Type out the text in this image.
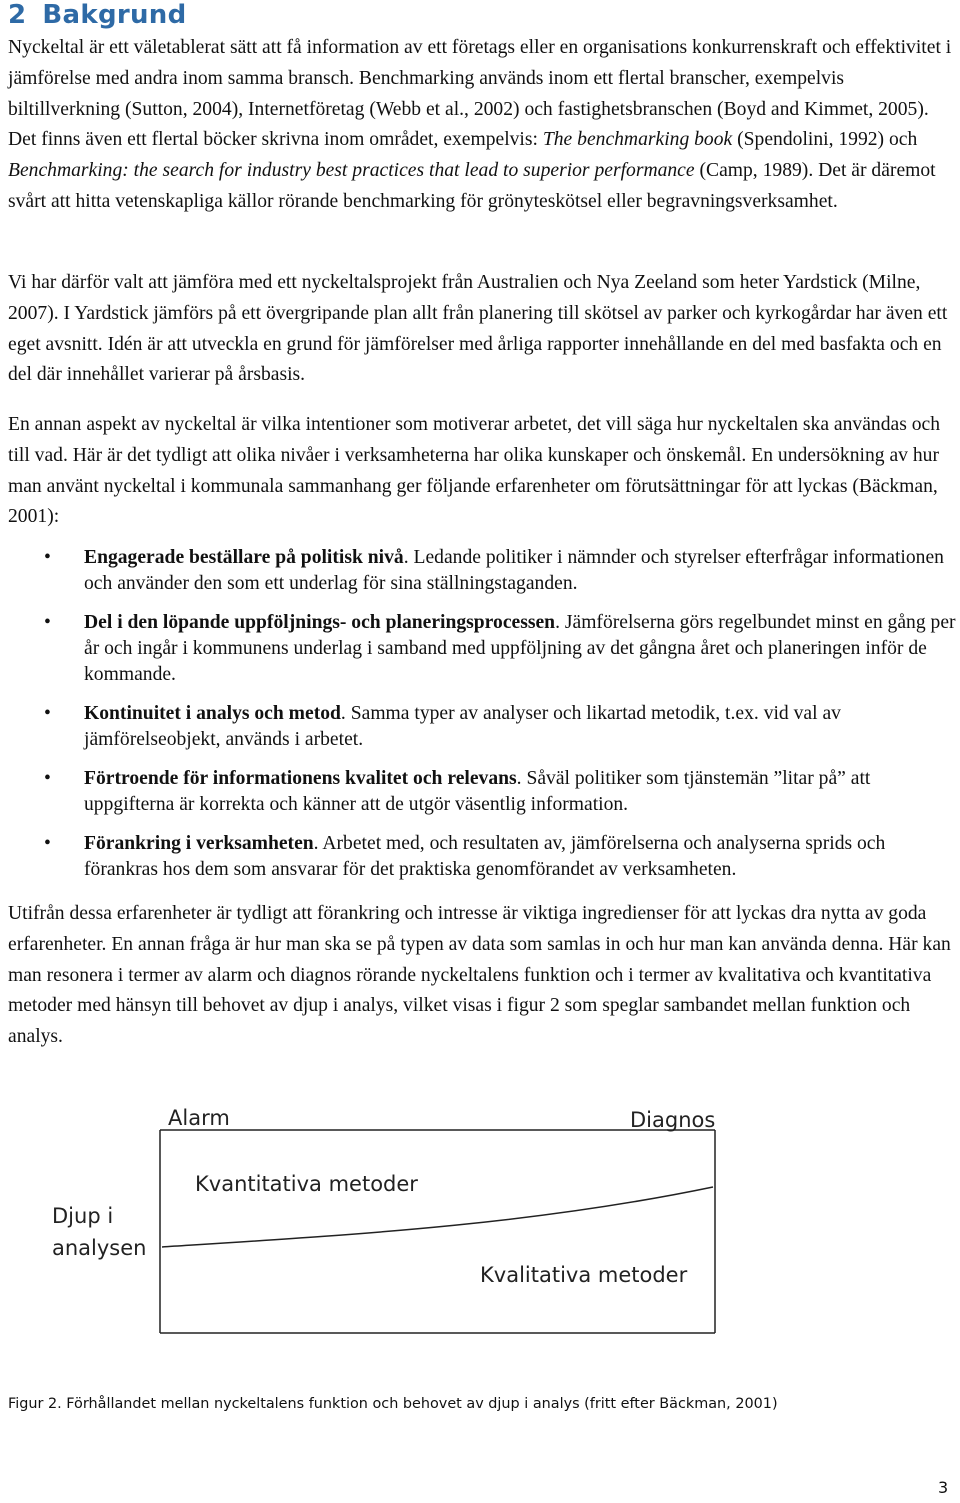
2 Bakgrund

Nyckeltal är ett väletablerat sätt att få information av ett företags eller en organisations konkurrenskraft och effektivitet i jämförelse med andra inom samma bransch. Benchmarking används inom ett flertal branscher, exempelvis biltillverkning (Sutton, 2004), Internetföretag (Webb et al., 2002) och fastighetsbranschen (Boyd and Kimmet, 2005). Det finns även ett flertal böcker skrivna inom området, exempelvis: The benchmarking book (Spendolini, 1992) och Benchmarking: the search for industry best practices that lead to superior performance (Camp, 1989). Det är däremot svårt att hitta vetenskapliga källor rörande benchmarking för grönyteskötsel eller begravningsverksamhet.

Vi har därför valt att jämföra med ett nyckeltalsprojekt från Australien och Nya Zeeland som heter Yardstick (Milne, 2007). I Yardstick jämförs på ett övergripande plan allt från planering till skötsel av parker och kyrkogårdar har även ett eget avsnitt. Idén är att utveckla en grund för jämförelser med årliga rapporter innehållande en del med basfakta och en del där innehållet varierar på årsbasis.

En annan aspekt av nyckeltal är vilka intentioner som motiverar arbetet, det vill säga hur nyckeltalen ska användas och till vad. Här är det tydligt att olika nivåer i verksamheterna har olika kunskaper och önskemål. En undersökning av hur man använt nyckeltal i kommunala sammanhang ger följande erfarenheter om förutsättningar för att lyckas (Bäckman, 2001):

• Engagerade beställare på politisk nivå. Ledande politiker i nämnder och styrelser efterfrågar informationen och använder den som ett underlag för sina ställningstaganden.
• Del i den löpande uppföljnings- och planeringsprocessen. Jämförelserna görs regelbundet minst en gång per år och ingår i kommunens underlag i samband med uppföljning av det gångna året och planeringen inför de kommande.
• Kontinuitet i analys och metod. Samma typer av analyser och likartad metodik, t.ex. vid val av jämförelseobjekt, används i arbetet.
• Förtroende för informationens kvalitet och relevans. Såväl politiker som tjänstemän ”litar på” att uppgifterna är korrekta och känner att de utgör väsentlig information.
• Förankring i verksamheten. Arbetet med, och resultaten av, jämförelserna och analyserna sprids och förankras hos dem som ansvarar för det praktiska genomförandet av verksamheten.

Utifrån dessa erfarenheter är tydligt att förankring och intresse är viktiga ingredienser för att lyckas dra nytta av goda erfarenheter. En annan fråga är hur man ska se på typen av data som samlas in och hur man kan använda denna. Här kan man resonera i termer av alarm och diagnos rörande nyckeltalens funktion och i termer av kvalitativa och kvantitativa metoder med hänsyn till behovet av djup i analys, vilket visas i figur 2 som speglar sambandet mellan funktion och analys.

Alarm	Diagnos
Kvantitativa metoder
Kvalitativa metoder
Djup i
analysen

Figur 2. Förhållandet mellan nyckeltalens funktion och behovet av djup i analys (fritt efter Bäckman, 2001)

3
